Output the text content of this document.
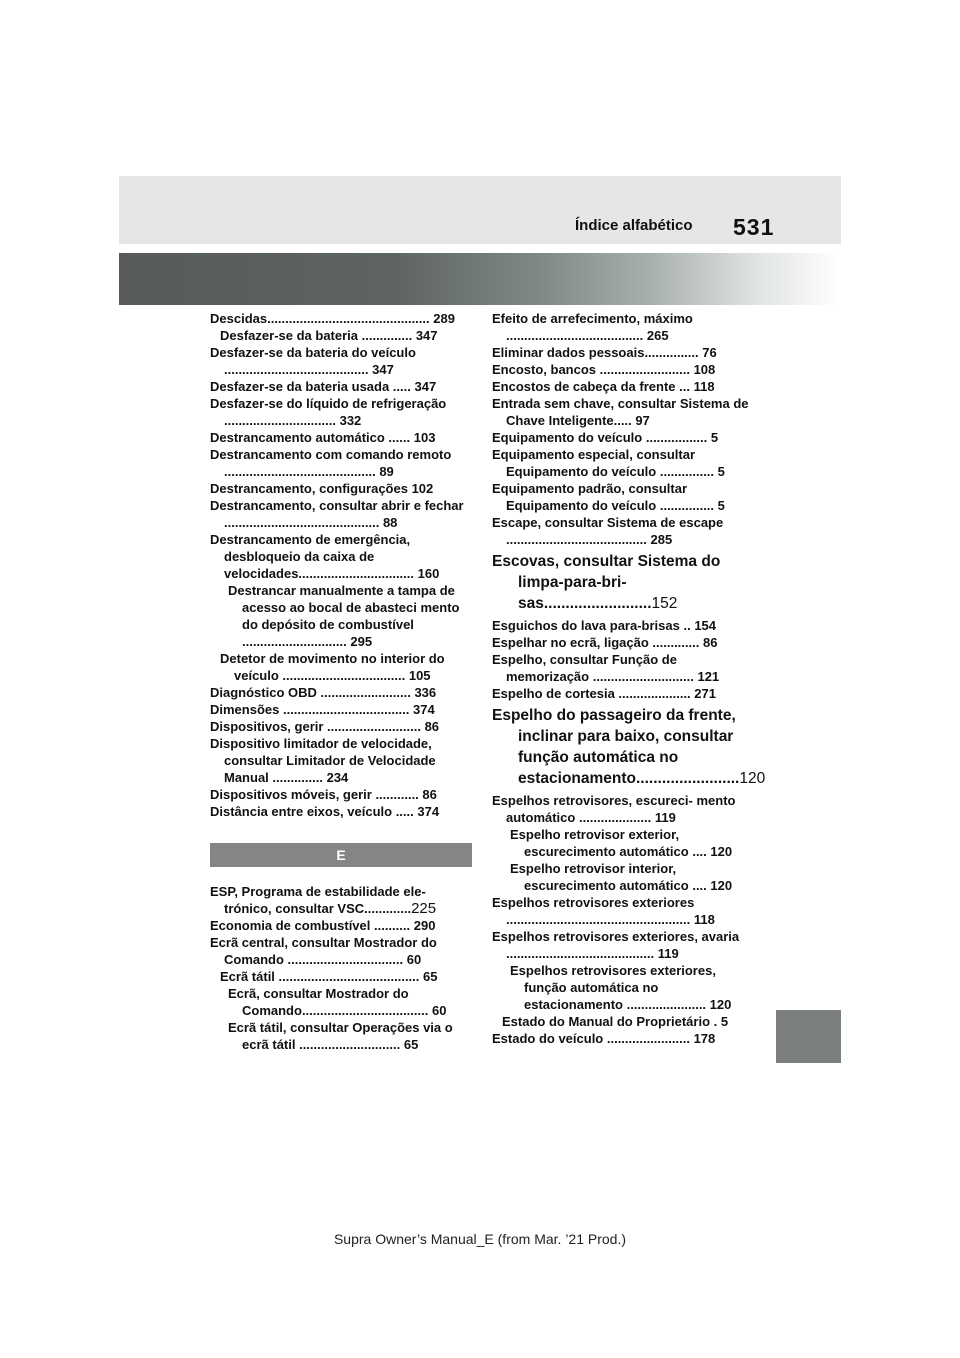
Índice alfabético 531
Descidas............................................. 289
Desfazer-se da bateria .............. 347
Desfazer-se da bateria do veículo ........................................ 347
Desfazer-se da bateria usada ..... 347
Desfazer-se do líquido de refrigeração ............................... 332
Destrancamento automático ...... 103
Destrancamento com comando remoto .......................................... 89
Destrancamento, configurações 102
Destrancamento, consultar abrir e fechar ........................................... 88
Destrancamento de emergência, desbloqueio da caixa de velocidades................................ 160
Destrancar manualmente a tampa de acesso ao bocal de abasteci mento do depósito de combustível ............................. 295
Detetor de movimento no interior do veículo .................................. 105
Diagnóstico OBD ......................... 336
Dimensões ................................... 374
Dispositivos, gerir .......................... 86
Dispositivo limitador de velocidade, consultar Limitador de Velocidade Manual .............. 234
Dispositivos móveis, gerir ............ 86
Distância entre eixos, veículo ..... 374
E
ESP, Programa de estabilidade ele- trónico, consultar VSC.............225
Economia de combustível .......... 290
Ecrã central, consultar Mostrador do Comando ................................ 60
Ecrã tátil ....................................... 65
Ecrã, consultar Mostrador do Comando................................... 60
Ecrã tátil, consultar Operações via o ecrã tátil ............................ 65
Efeito de arrefecimento, máximo ...................................... 265
Eliminar dados pessoais............... 76
Encosto, bancos ......................... 108
Encostos de cabeça da frente ... 118
Entrada sem chave, consultar Sistema de Chave Inteligente..... 97
Equipamento do veículo ................. 5
Equipamento especial, consultar Equipamento do veículo ............... 5
Equipamento padrão, consultar Equipamento do veículo ............... 5
Escape, consultar Sistema de escape ....................................... 285
Escovas, consultar Sistema do limpa-para-bri- sas.........................152
Esguichos do lava para-brisas .. 154
Espelhar no ecrã, ligação ............. 86
Espelho, consultar Função de memorização ............................ 121
Espelho de cortesia .................... 271
Espelho do passageiro da frente, inclinar para baixo, consultar função automática no estacionamento........................120
Espelhos retrovisores, escureci- mento automático .................... 119
Espelho retrovisor exterior, escurecimento automático .... 120
Espelho retrovisor interior, escurecimento automático .... 120
Espelhos retrovisores exteriores ................................................... 118
Espelhos retrovisores exteriores, avaria ......................................... 119
Espelhos retrovisores exteriores, função automática no estacionamento ...................... 120
Estado do Manual do Proprietário . 5
Estado do veículo ....................... 178
Supra Owner’s Manual_E (from Mar. ’21 Prod.)
